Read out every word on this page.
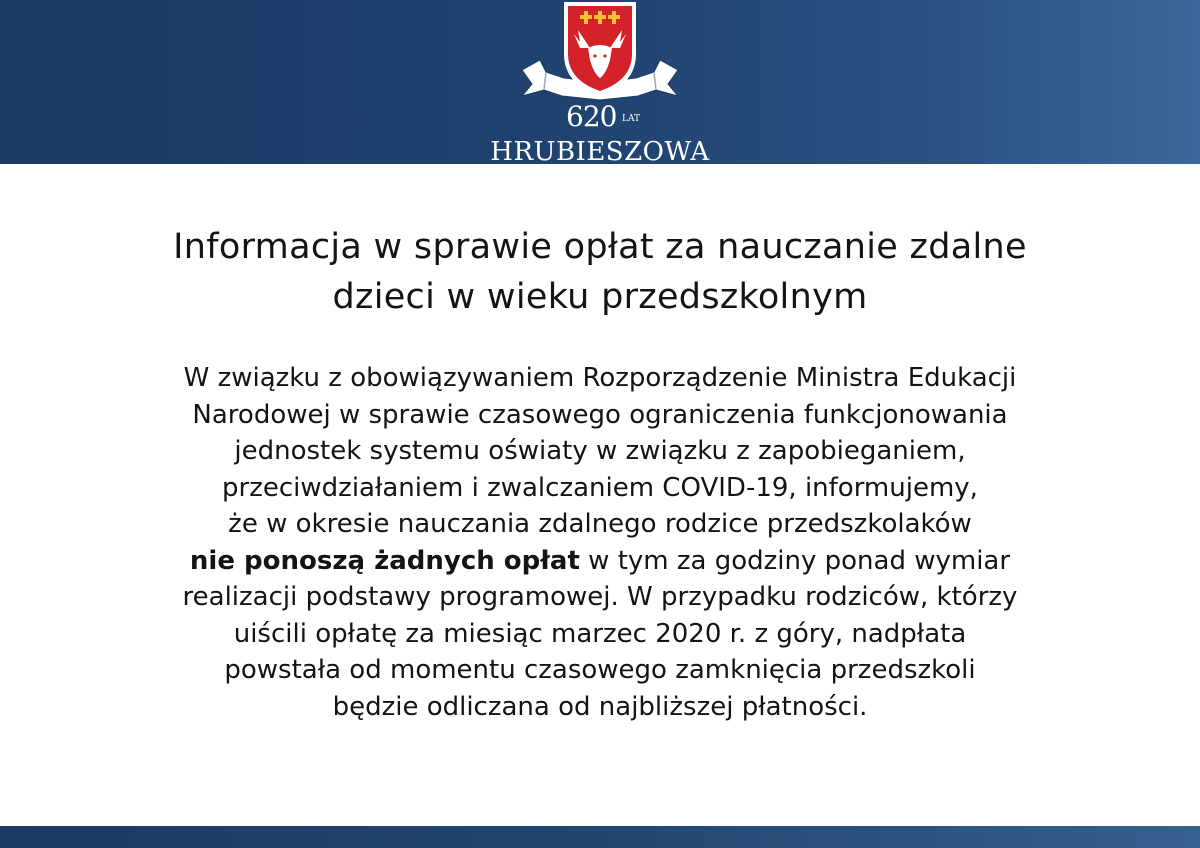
620 LAT
HRUBIESZOWA
Informacja w sprawie opłat za nauczanie zdalne
dzieci w wieku przedszkolnym
W związku z obowiązywaniem Rozporządzenie Ministra Edukacji
Narodowej w sprawie czasowego ograniczenia funkcjonowania
jednostek systemu oświaty w związku z zapobieganiem,
przeciwdziałaniem i zwalczaniem COVID-19, informujemy,
że w okresie nauczania zdalnego rodzice przedszkolaków
nie ponoszą żadnych opłat w tym za godziny ponad wymiar
realizacji podstawy programowej. W przypadku rodziców, którzy
uiścili opłatę za miesiąc marzec 2020 r. z góry, nadpłata
powstała od momentu czasowego zamknięcia przedszkoli
będzie odliczana od najbliższej płatności.
